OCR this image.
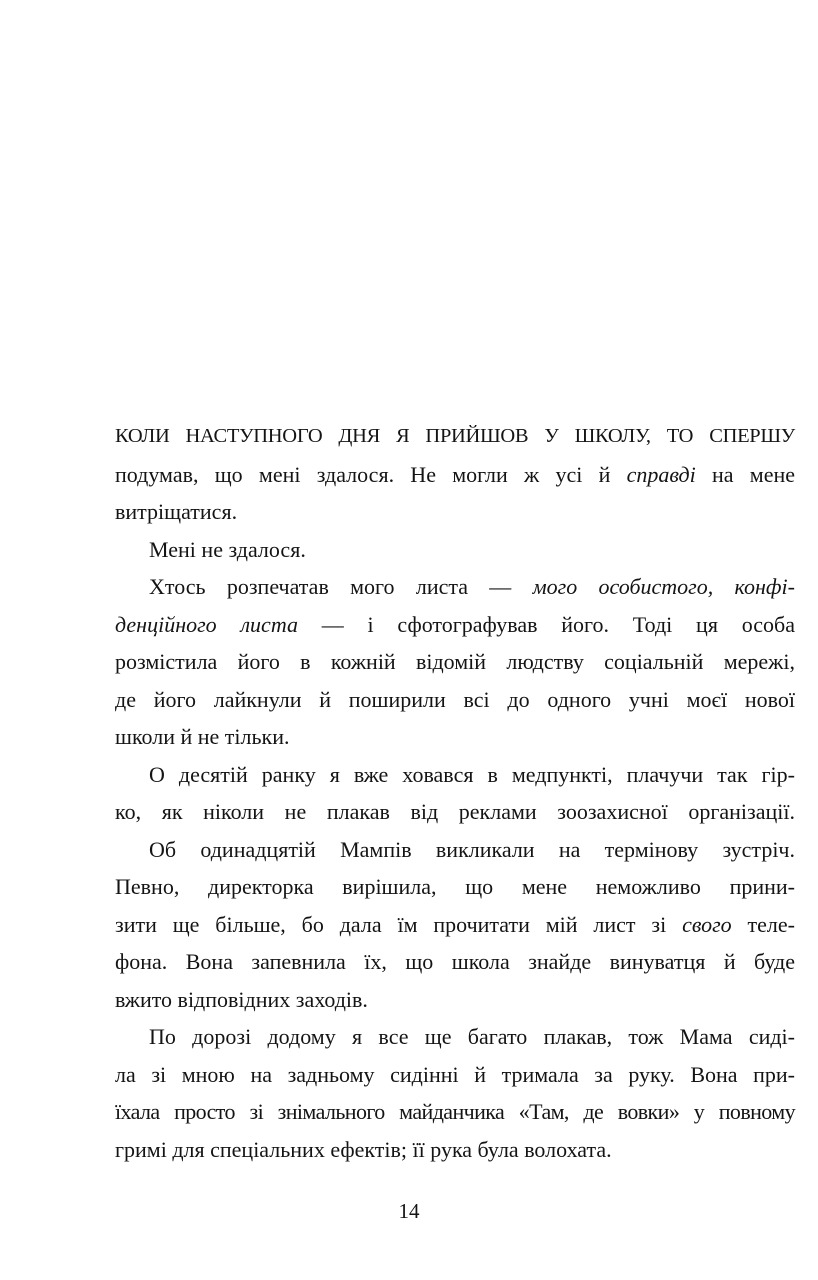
КОЛИ НАСТУПНОГО ДНЯ Я ПРИЙШОВ У ШКОЛУ, ТО СПЕРШУ
подумав, що мені здалося. Не могли ж усі й справді на мене
витріщатися.
Мені не здалося.
Хтось розпечатав мого листа — мого особистого, конфі-
денційного листа — і сфотографував його. Тоді ця особа
розмістила його в кожній відомій людству соціальній мережі,
де його лайкнули й поширили всі до одного учні моєї нової
школи й не тільки.
О десятій ранку я вже ховався в медпункті, плачучи так гір-
ко, як ніколи не плакав від реклами зоозахисної організації.
Об одинадцятій Мампів викликали на термінову зустріч.
Певно, директорка вирішила, що мене неможливо прини-
зити ще більше, бо дала їм прочитати мій лист зі свого теле-
фона. Вона запевнила їх, що школа знайде винуватця й буде
вжито відповідних заходів.
По дорозі додому я все ще багато плакав, тож Мама сиді-
ла зі мною на задньому сидінні й тримала за руку. Вона при-
їхала просто зі знімального майданчика «Там, де вовки» у повному
гримі для спеціальних ефектів; її рука була волохата.
14
